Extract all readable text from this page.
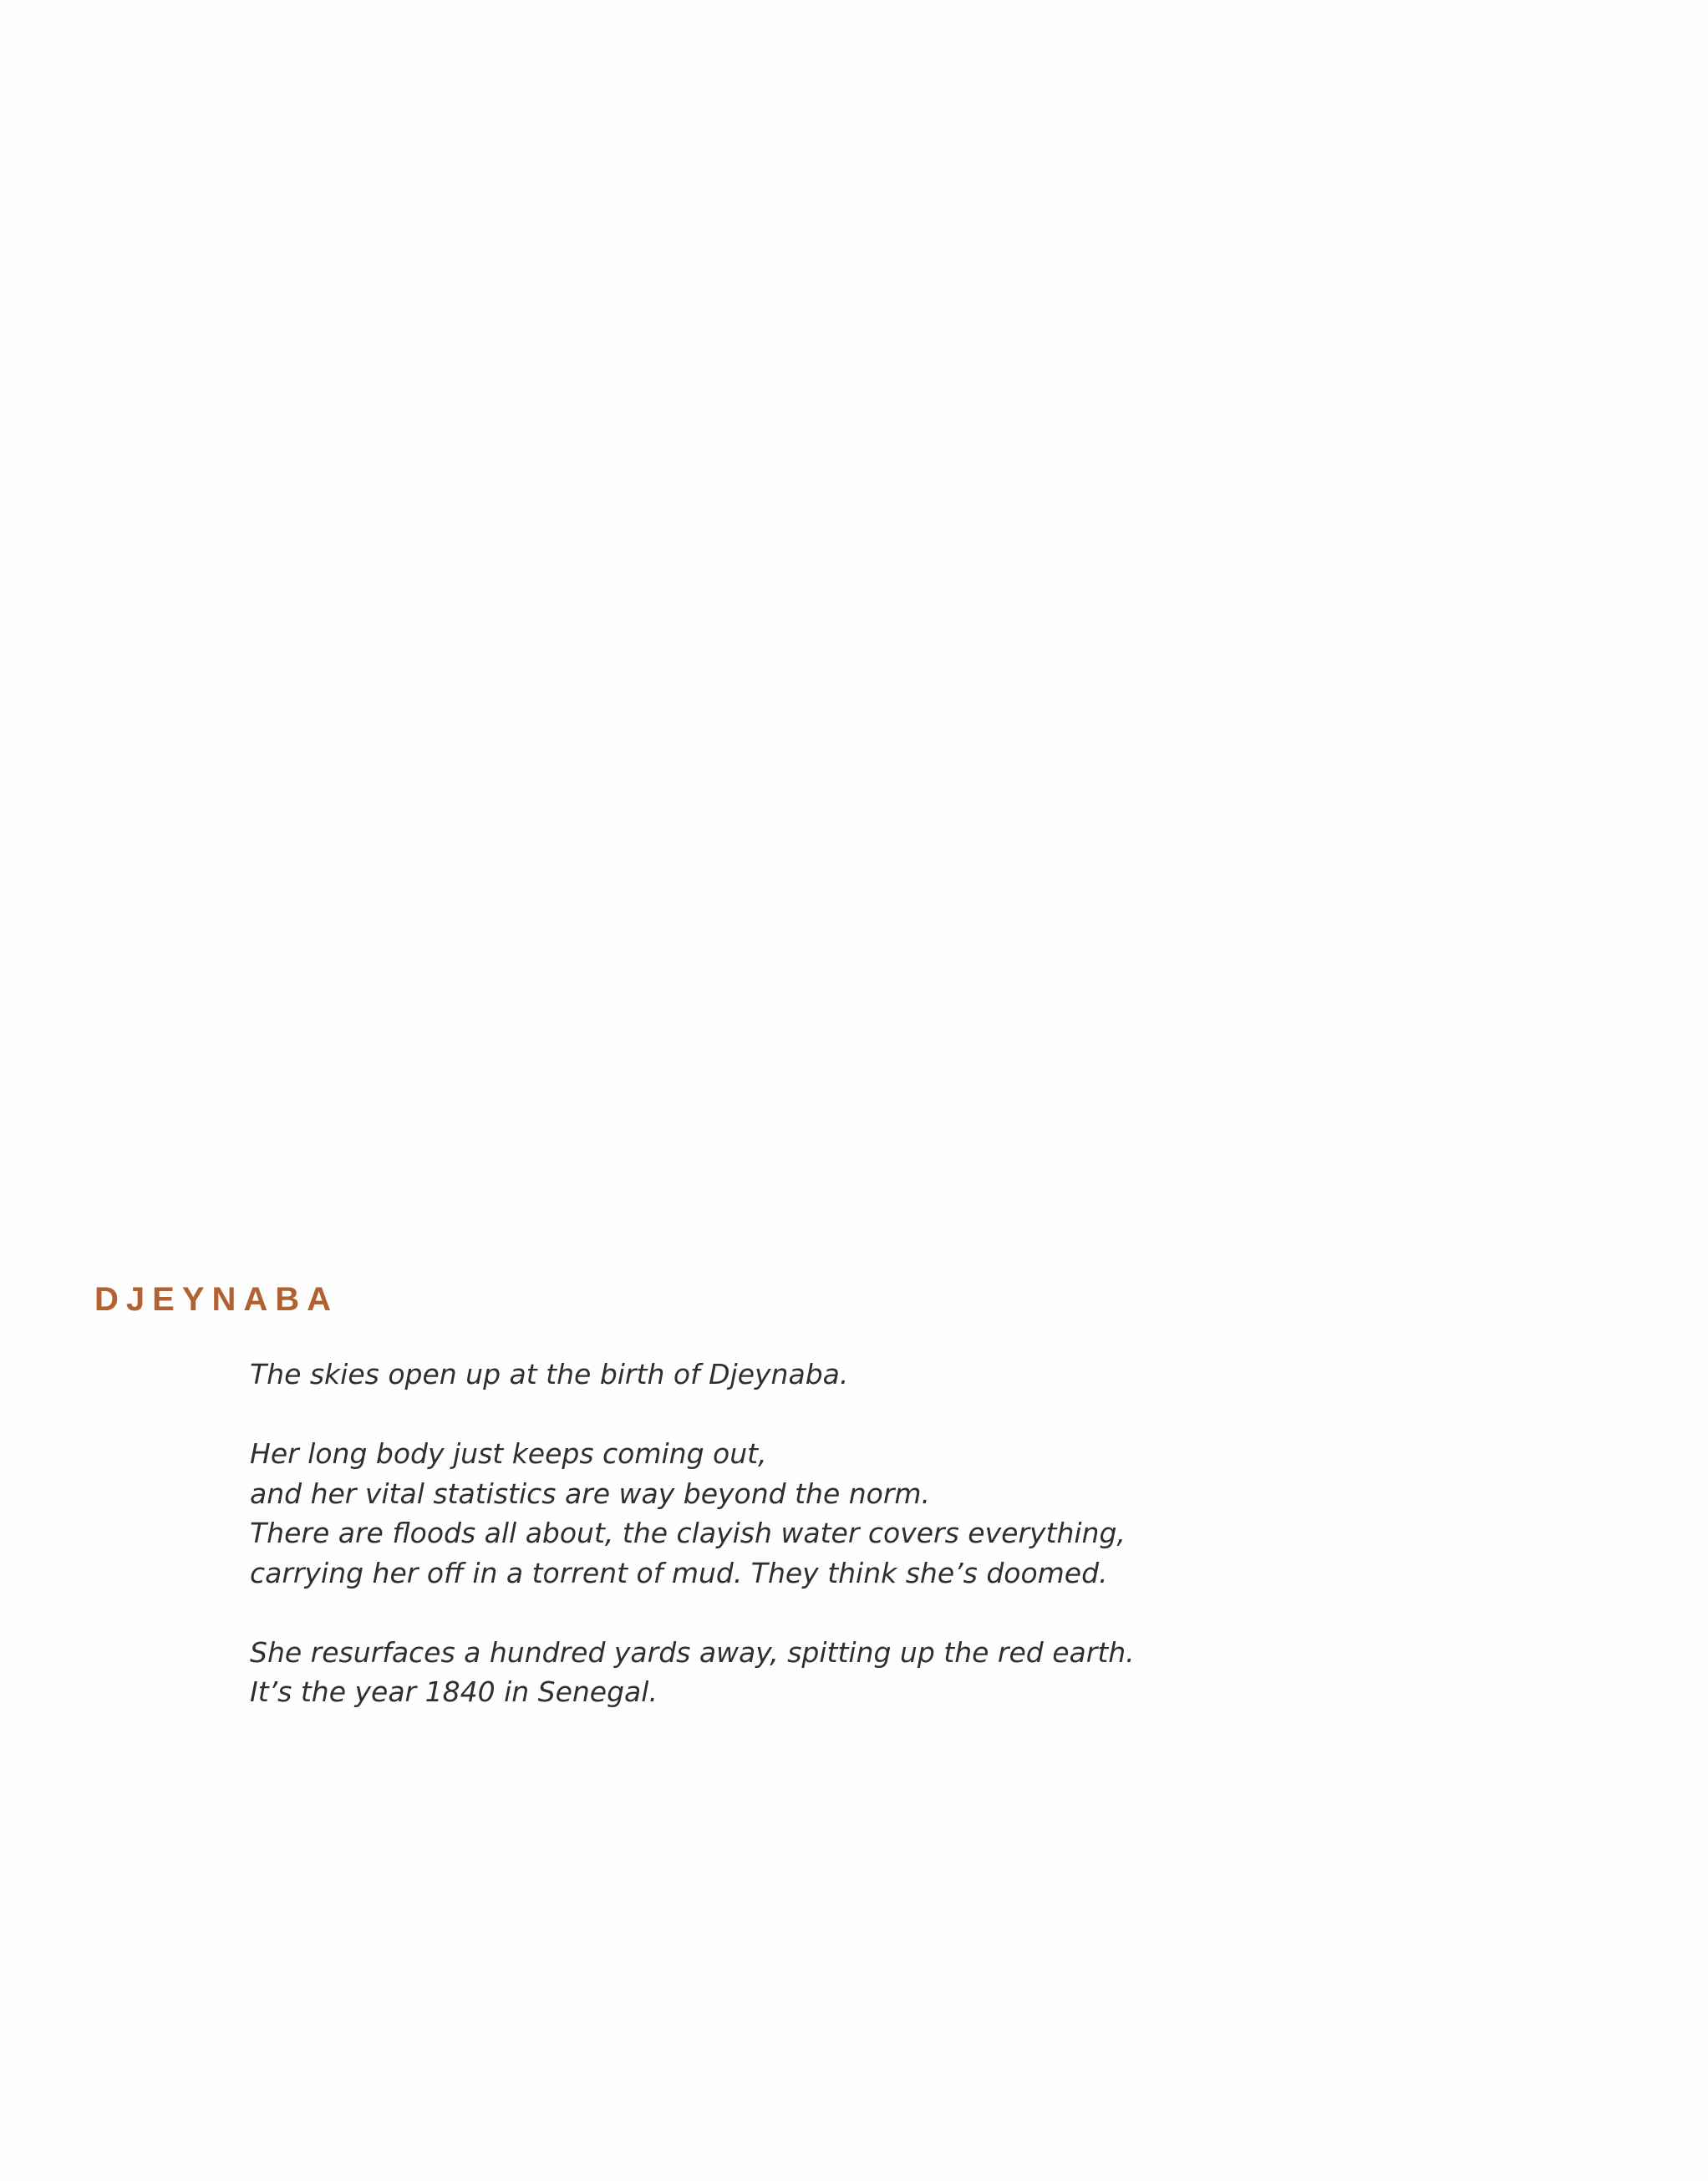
DJEYNABA

The skies open up at the birth of Djeynaba.

Her long body just keeps coming out,
and her vital statistics are way beyond the norm.
There are floods all about, the clayish water covers everything,
carrying her off in a torrent of mud. They think she’s doomed.

She resurfaces a hundred yards away, spitting up the red earth.
It’s the year 1840 in Senegal.
